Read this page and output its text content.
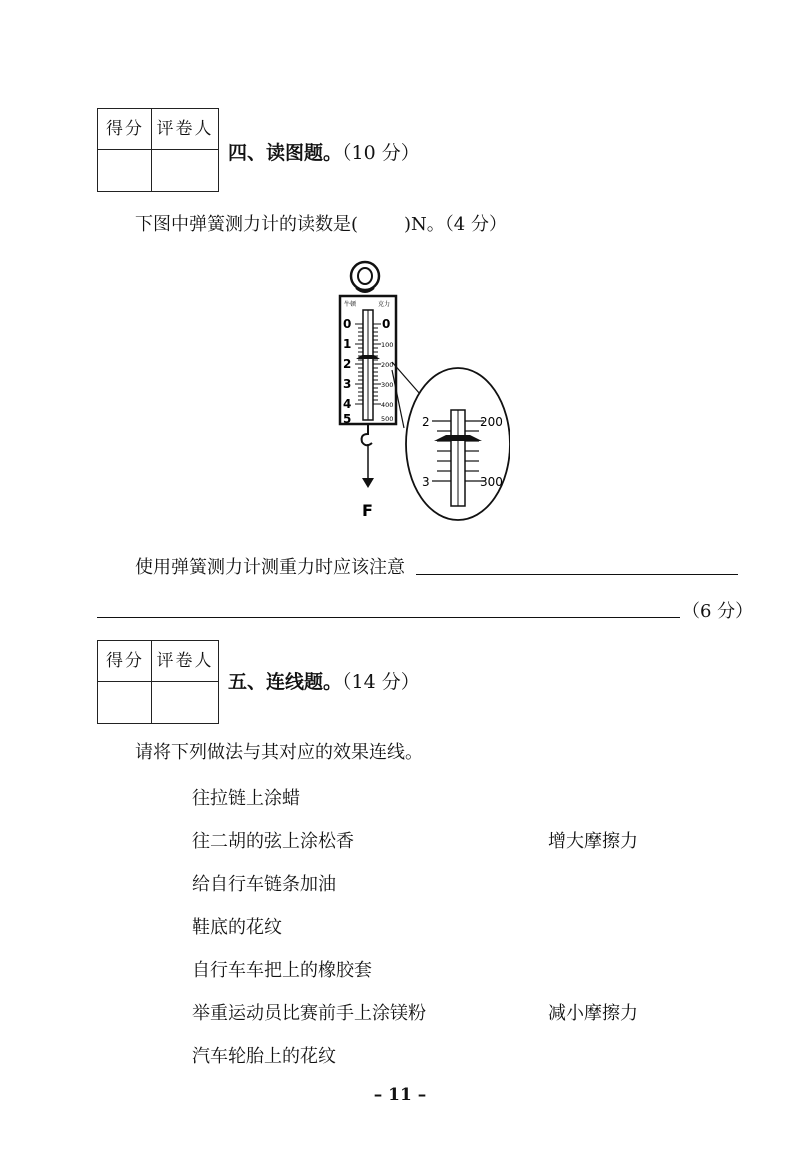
得分 评卷人
四、读图题。（10 分）
下图中弹簧测力计的读数是(	)N。（4 分）
牛顿	克力
0
1
2
3
4
5
0
100
200
300
400
500
F
2	200
3	300
使用弹簧测力计测重力时应该注意
（6 分）
得分 评卷人
五、连线题。（14 分）
请将下列做法与其对应的效果连线。
往拉链上涂蜡
往二胡的弦上涂松香
给自行车链条加油
鞋底的花纹
自行车车把上的橡胶套
举重运动员比赛前手上涂镁粉
汽车轮胎上的花纹
增大摩擦力
减小摩擦力
– 11 –
